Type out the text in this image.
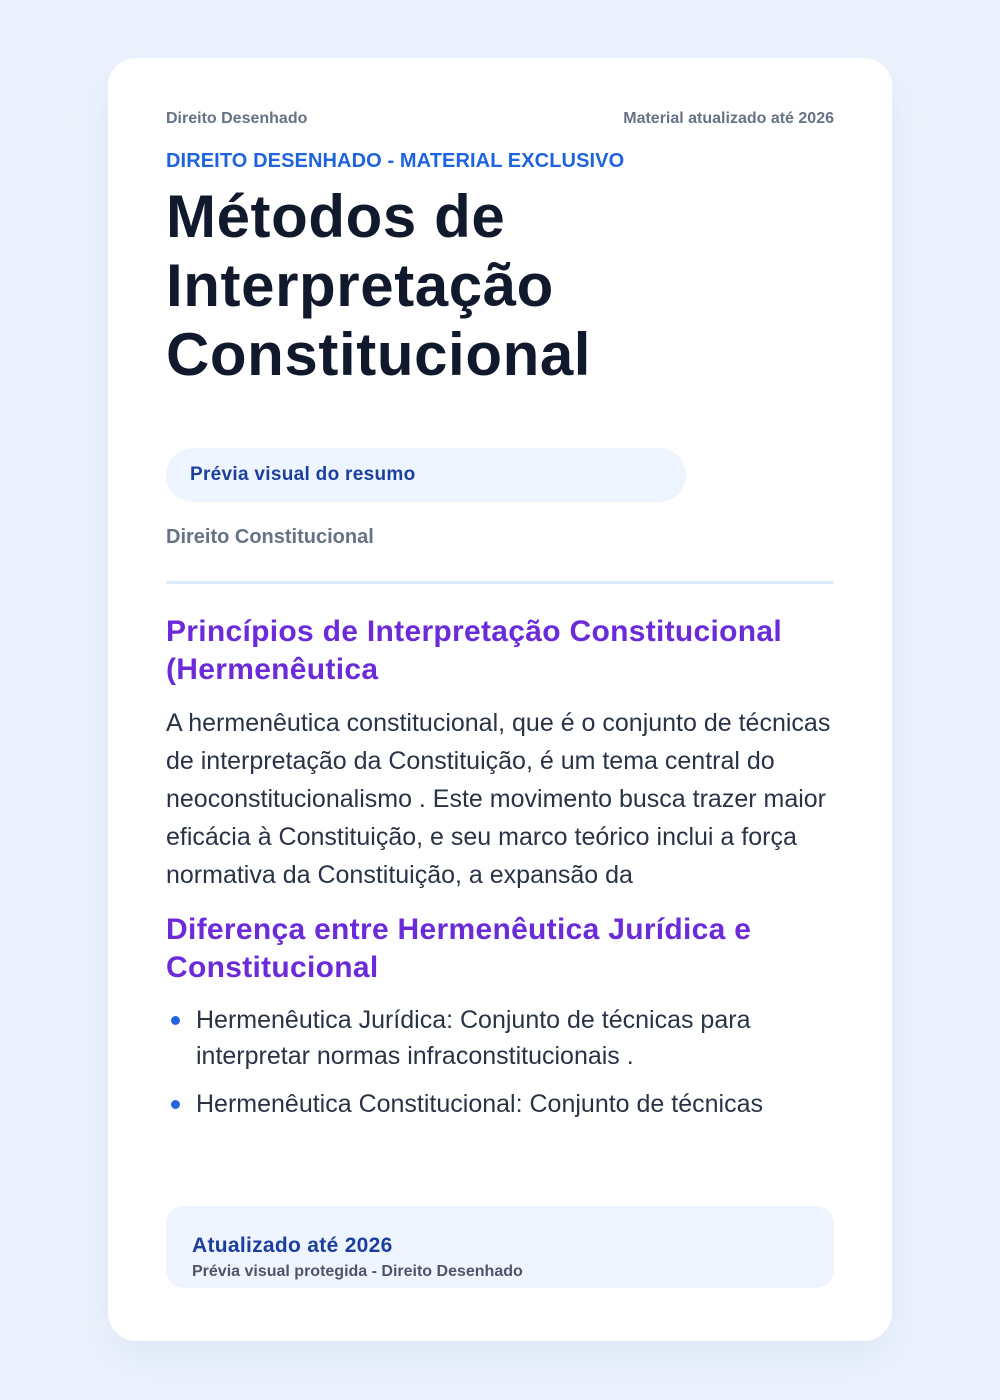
Direito Desenhado	Material atualizado até 2026
DIREITO DESENHADO - MATERIAL EXCLUSIVO
Métodos de Interpretação Constitucional
Prévia visual do resumo
Direito Constitucional
Princípios de Interpretação Constitucional (Hermenêutica

A hermenêutica constitucional, que é o conjunto de técnicas de interpretação da Constituição, é um tema central do neoconstitucionalismo . Este movimento busca trazer maior eficácia à Constituição, e seu marco teórico inclui a força normativa da Constituição, a expansão da

Diferença entre Hermenêutica Jurídica e Constitucional
Hermenêutica Jurídica: Conjunto de técnicas para interpretar normas infraconstitucionais .
Hermenêutica Constitucional: Conjunto de técnicas
Atualizado até 2026
Prévia visual protegida - Direito Desenhado
